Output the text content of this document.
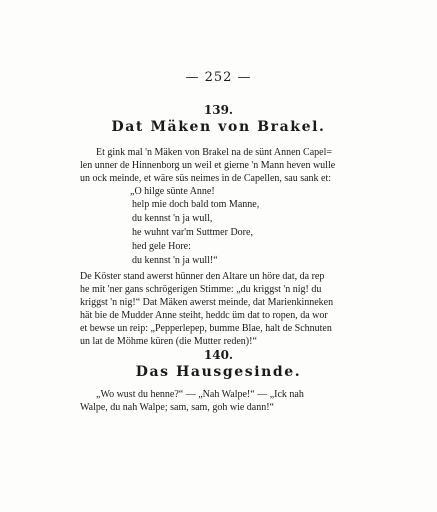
— 252 —
139.
Dat Mäken von Brakel.
Et gink mal 'n Mäken von Brakel na de sünt Annen Capel=
len unner de Hinnenborg un weil et gierne 'n Mann heven wulle
un ock meinde, et wäre süs neimes in de Capellen, sau sank et:
„O hilge sünte Anne!
help mie doch bald tom Manne,
du kennst 'n ja wull,
he wuhnt var'm Suttmer Dore,
hed gele Hore:
du kennst 'n ja wull!“
De Köster stand awerst hünner den Altare un höre dat, da rep
he mit 'ner gans schrögerigen Stimme: „du kriggst 'n nig! du
kriggst 'n nig!“ Dat Mäken awerst meinde, dat Marienkinneken
hät bie de Mudder Anne steiht, heddc üm dat to ropen, da wor
et bewse un reip: „Pepperlepep, bumme Blae, halt de Schnuten
un lat de Möhme küren (die Mutter reden)!“
140.
Das Hausgesinde.
„Wo wust du henne?“ — „Nah Walpe!“ — „Ick nah
Walpe, du nah Walpe; sam, sam, goh wie dann!“
